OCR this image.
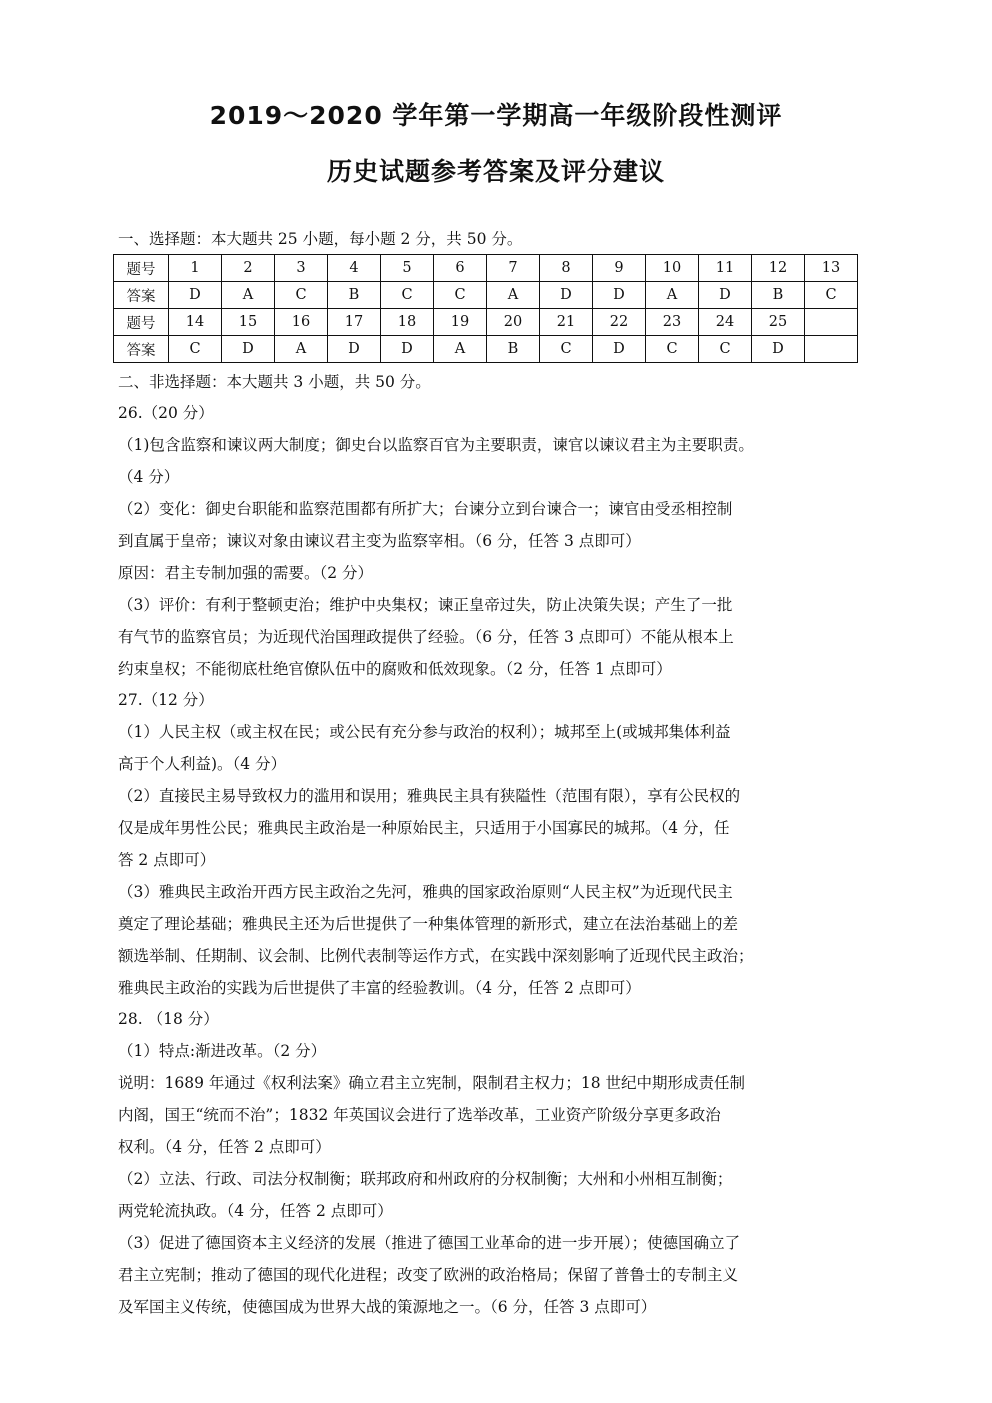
2019～2020 学年第一学期高一年级阶段性测评
历史试题参考答案及评分建议
一、选择题：本大题共 25 小题，每小题 2 分，共 50 分。
题号	1	2	3	4	5	6	7	8	9	10	11	12	13
答案	D	A	C	B	C	C	A	D	D	A	D	B	C
题号	14	15	16	17	18	19	20	21	22	23	24	25	
答案	C	D	A	D	D	A	B	C	D	C	C	D	
二、非选择题：本大题共 3 小题，共 50 分。
26.（20 分）
（1)包含监察和谏议两大制度；御史台以监察百官为主要职责，谏官以谏议君主为主要职责。
（4 分）
（2）变化：御史台职能和监察范围都有所扩大；台谏分立到台谏合一；谏官由受丞相控制
到直属于皇帝；谏议对象由谏议君主变为监察宰相。（6 分，任答 3 点即可）
原因：君主专制加强的需要。（2 分）
（3）评价：有利于整顿吏治；维护中央集权；谏正皇帝过失，防止决策失误；产生了一批
有气节的监察官员；为近现代治国理政提供了经验。（6 分，任答 3 点即可）不能从根本上
约束皇权；不能彻底杜绝官僚队伍中的腐败和低效现象。（2 分，任答 1 点即可）
27.（12 分）
（1）人民主权（或主权在民；或公民有充分参与政治的权利）；城邦至上(或城邦集体利益
高于个人利益)。（4 分）
（2）直接民主易导致权力的滥用和误用；雅典民主具有狭隘性（范围有限），享有公民权的
仅是成年男性公民；雅典民主政治是一种原始民主，只适用于小国寡民的城邦。（4 分，任
答 2 点即可）
（3）雅典民主政治开西方民主政治之先河，雅典的国家政治原则“人民主权”为近现代民主
奠定了理论基础；雅典民主还为后世提供了一种集体管理的新形式，建立在法治基础上的差
额选举制、任期制、议会制、比例代表制等运作方式，在实践中深刻影响了近现代民主政治；
雅典民主政治的实践为后世提供了丰富的经验教训。（4 分，任答 2 点即可）
28. （18 分）
（1）特点:渐进改革。（2 分）
说明：1689 年通过《权利法案》确立君主立宪制，限制君主权力；18 世纪中期形成责任制
内阁，国王“统而不治”；1832 年英国议会进行了选举改革，工业资产阶级分享更多政治
权利。（4 分，任答 2 点即可）
（2）立法、行政、司法分权制衡；联邦政府和州政府的分权制衡；大州和小州相互制衡；
两党轮流执政。（4 分，任答 2 点即可）
（3）促进了德国资本主义经济的发展（推进了德国工业革命的进一步开展）；使德国确立了
君主立宪制；推动了德国的现代化进程；改变了欧洲的政治格局；保留了普鲁士的专制主义
及军国主义传统，使德国成为世界大战的策源地之一。（6 分，任答 3 点即可）
